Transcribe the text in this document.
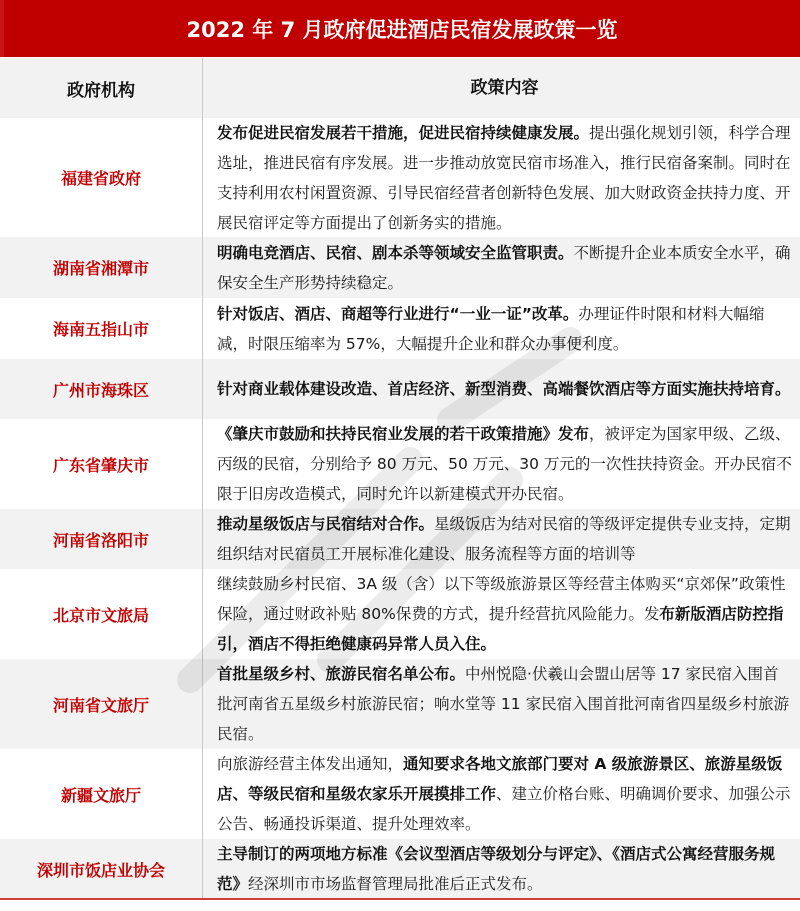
2022 年 7 月政府促进酒店民宿发展政策一览
政府机构	政策内容
福建省政府

发布促进民宿发展若干措施，促进民宿持续健康发展。提出强化规划引领，科学合理选址，推进民宿有序发展。进一步推动放宽民宿市场准入，推行民宿备案制。同时在支持利用农村闲置资源、引导民宿经营者创新特色发展、加大财政资金扶持力度、开展民宿评定等方面提出了创新务实的措施。

湖南省湘潭市

明确电竞酒店、民宿、剧本杀等领域安全监管职责。不断提升企业本质安全水平，确保安全生产形势持续稳定。

海南五指山市

针对饭店、酒店、商超等行业进行“一业一证”改革。办理证件时限和材料大幅缩减，时限压缩率为 57%，大幅提升企业和群众办事便利度。

广州市海珠区	针对商业载体建设改造、首店经济、新型消费、高端餐饮酒店等方面实施扶持培育。

广东省肇庆市

《肇庆市鼓励和扶持民宿业发展的若干政策措施》发布，被评定为国家甲级、乙级、丙级的民宿，分别给予 80 万元、50 万元、30 万元的一次性扶持资金。开办民宿不限于旧房改造模式，同时允许以新建模式开办民宿。

河南省洛阳市

推动星级饭店与民宿结对合作。星级饭店为结对民宿的等级评定提供专业支持，定期组织结对民宿员工开展标准化建设、服务流程等方面的培训等

北京市文旅局

继续鼓励乡村民宿、3A 级（含）以下等级旅游景区等经营主体购买“京郊保”政策性保险，通过财政补贴 80%保费的方式，提升经营抗风险能力。发布新版酒店防控指引，酒店不得拒绝健康码异常人员入住。

河南省文旅厅

首批星级乡村、旅游民宿名单公布。中州悦隐·伏羲山会盟山居等 17 家民宿入围首批河南省五星级乡村旅游民宿；响水堂等 11 家民宿入围首批河南省四星级乡村旅游民宿。

新疆文旅厅

向旅游经营主体发出通知，通知要求各地文旅部门要对 A 级旅游景区、旅游星级饭店、等级民宿和星级农家乐开展摸排工作、建立价格台账、明确调价要求、加强公示公告、畅通投诉渠道、提升处理效率。

深圳市饭店业协会

主导制订的两项地方标准《会议型酒店等级划分与评定》、《酒店式公寓经营服务规范》经深圳市市场监督管理局批准后正式发布。
